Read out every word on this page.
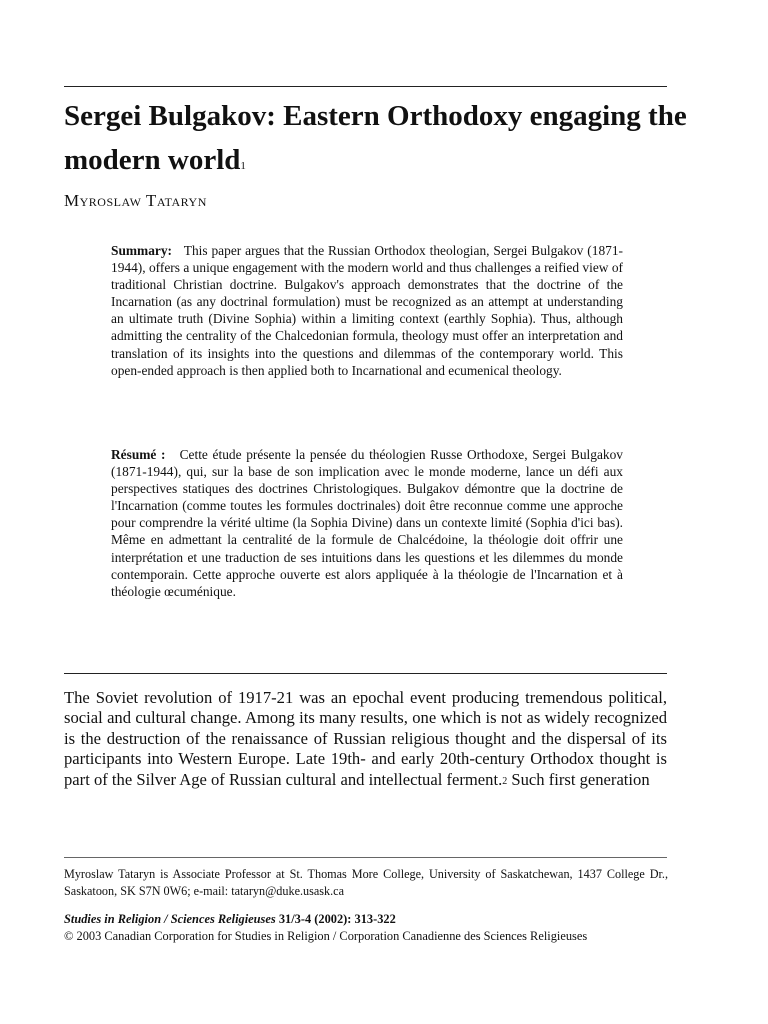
Sergei Bulgakov: Eastern Orthodoxy engaging the modern world$^1$
Myroslaw Tataryn

Summary: This paper argues that the Russian Orthodox theologian, Sergei Bulgakov (1871-1944), offers a unique engagement with the modern world and thus challenges a reified view of traditional Christian doctrine. Bulgakov's approach demonstrates that the doctrine of the Incarnation (as any doctrinal formulation) must be recognized as an attempt at understanding an ultimate truth (Divine Sophia) within a limiting context (earthly Sophia). Thus, although admitting the centrality of the Chalcedonian formula, theology must offer an interpretation and translation of its insights into the questions and dilemmas of the contemporary world. This open-ended approach is then applied both to Incarnational and ecumenical theology.

Résumé : Cette étude présente la pensée du théologien Russe Orthodoxe, Sergei Bulgakov (1871-1944), qui, sur la base de son implication avec le monde moderne, lance un défi aux perspectives statiques des doctrines Christologiques. Bulgakov démontre que la doctrine de l'Incarnation (comme toutes les formules doctrinales) doit être reconnue comme une approche pour comprendre la vérité ultime (la Sophia Divine) dans un contexte limité (Sophia d'ici bas). Même en admettant la centralité de la formule de Chalcédoine, la théologie doit offrir une interprétation et une traduction de ses intuitions dans les questions et les dilemmes du monde contemporain. Cette approche ouverte est alors appliquée à la théologie de l'Incarnation et à théologie œcuménique.

The Soviet revolution of 1917-21 was an epochal event producing tremendous political, social and cultural change. Among its many results, one which is not as widely recognized is the destruction of the renaissance of Russian religious thought and the dispersal of its participants into Western Europe. Late 19th- and early 20th-century Orthodox thought is part of the Silver Age of Russian cultural and intellectual ferment.$^2$ Such first generation

Myroslaw Tataryn is Associate Professor at St. Thomas More College, University of Saskatchewan, 1437 College Dr., Saskatoon, SK S7N 0W6; e-mail: tataryn@duke.usask.ca

Studies in Religion / Sciences Religieuses 31/3-4 (2002): 313-322
© 2003 Canadian Corporation for Studies in Religion / Corporation Canadienne des Sciences Religieuses
